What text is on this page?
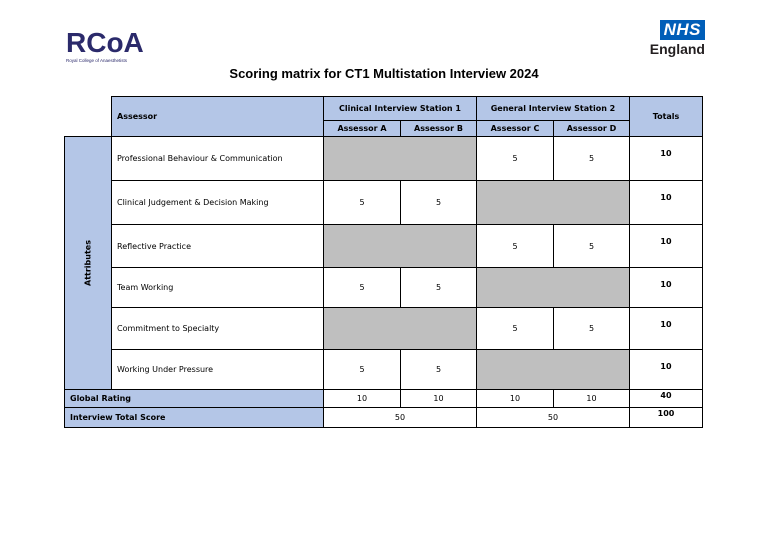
RCoA
Royal College of Anaesthetists
NHS
England
Scoring matrix for CT1 Multistation Interview 2024
	Assessor	Clinical Interview Station 1		General Interview Station 2		Totals
		Assessor A	Assessor B	Assessor C	Assessor D	

Attributes	Professional Behaviour & Communication			5	5	10
	Clinical Judgement & Decision Making	5	5			10
	Reflective Practice			5	5	10
	Team Working	5	5			10
	Commitment to Specialty			5	5	10
	Working Under Pressure	5	5			10
Global Rating		10	10	10	10	40
Interview Total Score		50		50		100
